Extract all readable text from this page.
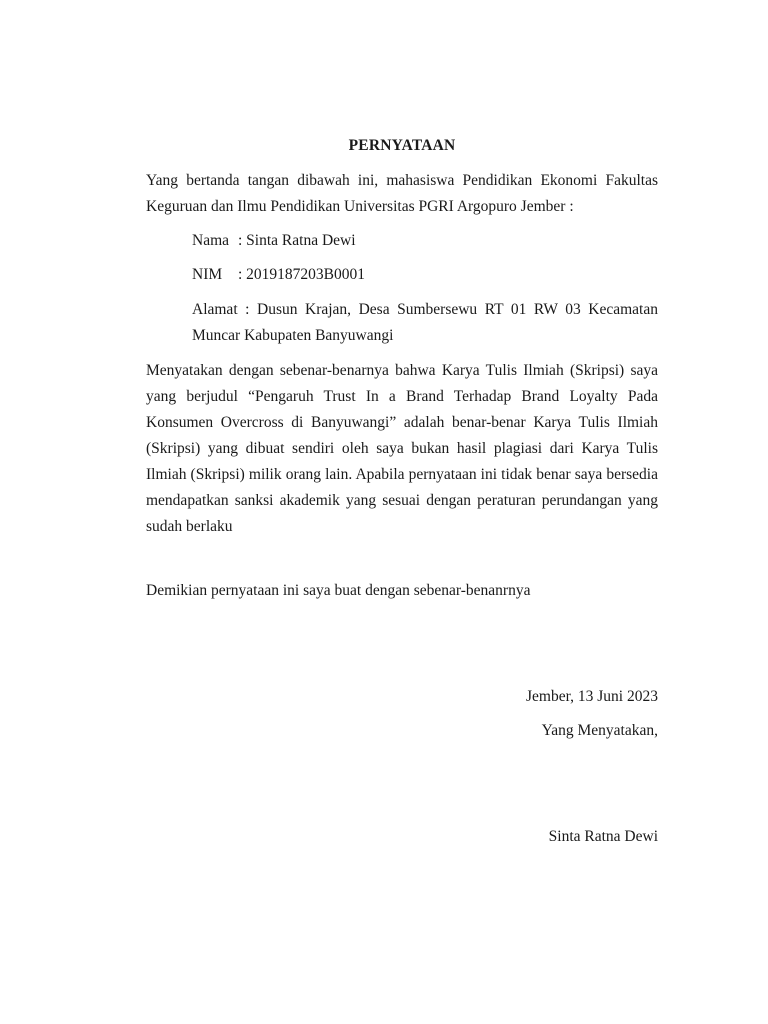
PERNYATAAN
Yang bertanda tangan dibawah ini, mahasiswa Pendidikan Ekonomi Fakultas Keguruan dan Ilmu Pendidikan Universitas PGRI Argopuro Jember :
Nama : Sinta Ratna Dewi
NIM : 2019187203B0001
Alamat : Dusun Krajan, Desa Sumbersewu RT 01 RW 03 Kecamatan Muncar Kabupaten Banyuwangi
Menyatakan dengan sebenar-benarnya bahwa Karya Tulis Ilmiah (Skripsi) saya yang berjudul “Pengaruh Trust In a Brand Terhadap Brand Loyalty Pada Konsumen Overcross di Banyuwangi” adalah benar-benar Karya Tulis Ilmiah (Skripsi) yang dibuat sendiri oleh saya bukan hasil plagiasi dari Karya Tulis Ilmiah (Skripsi) milik orang lain. Apabila pernyataan ini tidak benar saya bersedia mendapatkan sanksi akademik yang sesuai dengan peraturan perundangan yang sudah berlaku
Demikian pernyataan ini saya buat dengan sebenar-benanrnya
Jember, 13 Juni 2023
Yang Menyatakan,
Sinta Ratna Dewi
